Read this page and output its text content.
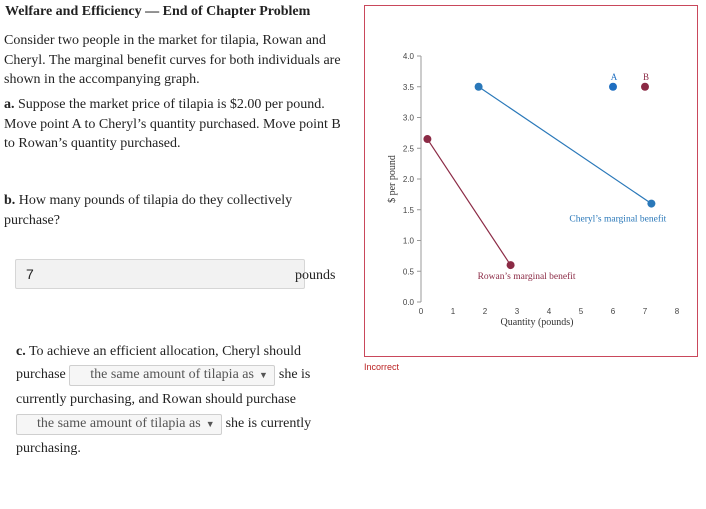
Welfare and Efficiency — End of Chapter Problem
Consider two people in the market for tilapia, Rowan and Cheryl. The marginal benefit curves for both individuals are shown in the accompanying graph.
a. Suppose the market price of tilapia is $2.00 per pound. Move point A to Cheryl’s quantity purchased. Move point B to Rowan’s quantity purchased.
b. How many pounds of tilapia do they collectively purchase?
7	pounds
c. To achieve an efficient allocation, Cheryl should
purchase the same amount of tilapia as ▼ she is
currently purchasing, and Rowan should purchase
the same amount of tilapia as ▼ she is currently
purchasing.
0.0
0.5
1.0
1.5
2.0
2.5
3.0
3.5
4.0
0	1	2	3	4	5	6	7	8
Quantity (pounds)
$ per pound
Rowan’s marginal benefit
Cheryl’s marginal benefit
A	B
Incorrect
